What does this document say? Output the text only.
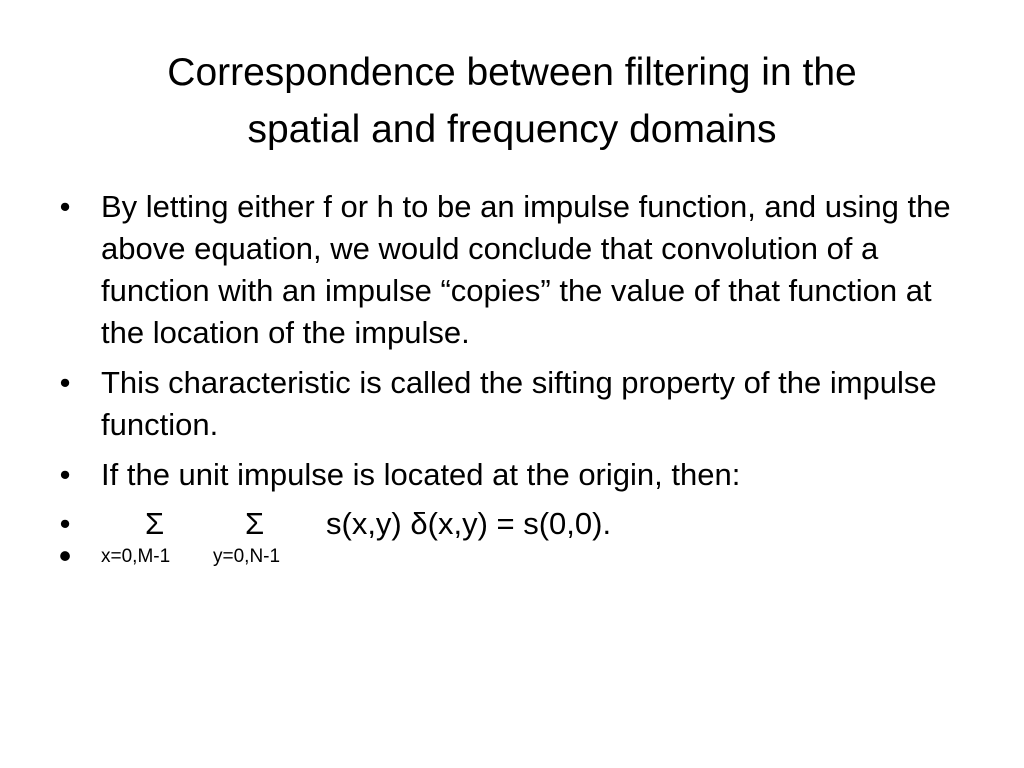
Correspondence between filtering in the
spatial and frequency domains
• By letting either f or h to be an impulse function, and using the above equation, we would conclude that convolution of a function with an impulse “copies” the value of that function at the location of the impulse.
• This characteristic is called the sifting property of the impulse function.
• If the unit impulse is located at the origin, then:
• Σ	Σ s(x,y) δ(x,y) = s(0,0).
• x=0,M-1 y=0,N-1
